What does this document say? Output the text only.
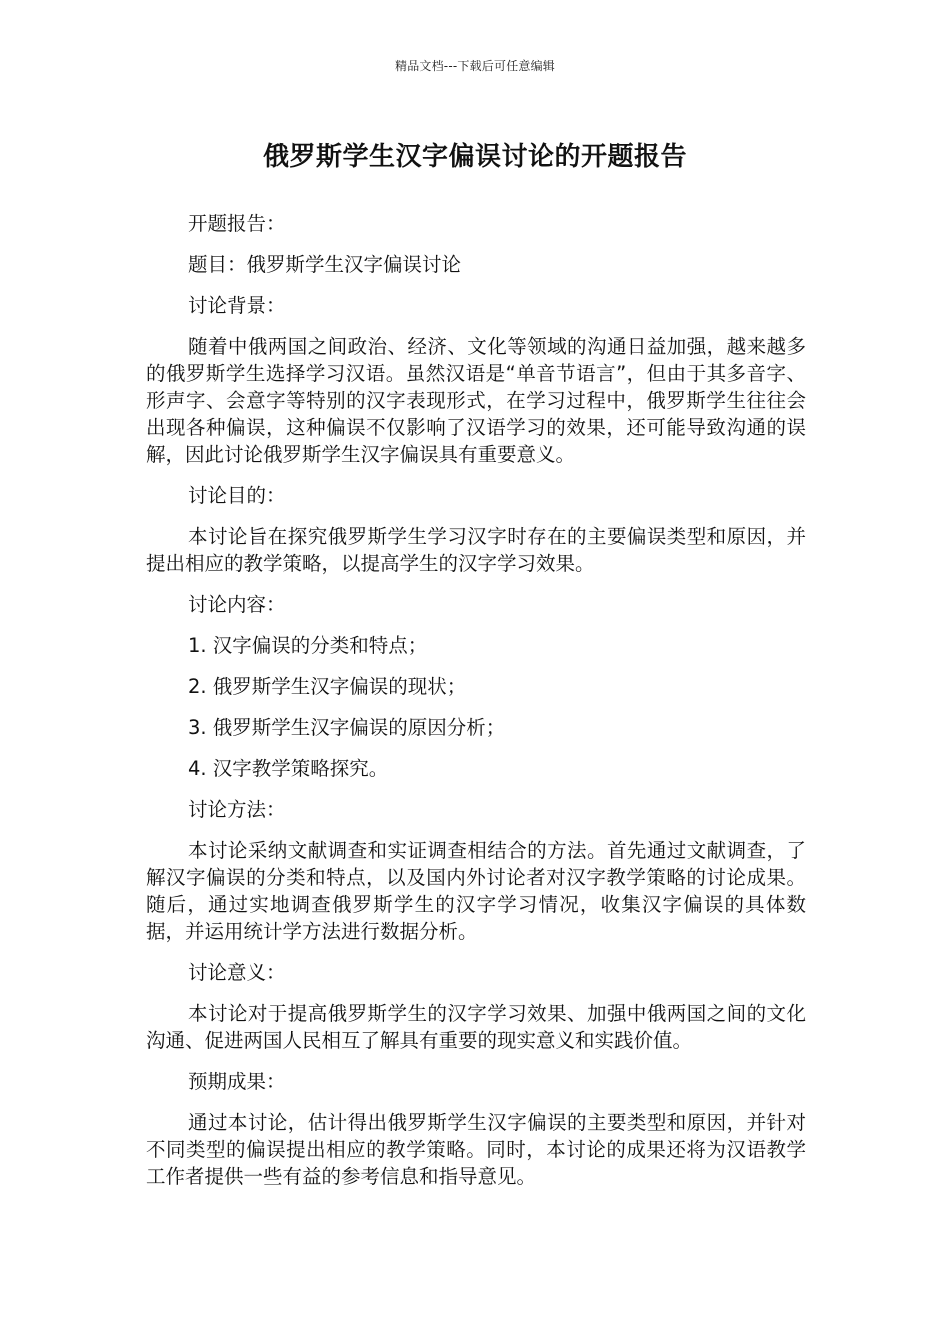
精品文档---下载后可任意编辑
俄罗斯学生汉字偏误讨论的开题报告

开题报告：

题目：俄罗斯学生汉字偏误讨论

讨论背景：

随着中俄两国之间政治、经济、文化等领域的沟通日益加强，越来越多的俄罗斯学生选择学习汉语。虽然汉语是“单音节语言”，但由于其多音字、形声字、会意字等特别的汉字表现形式，在学习过程中，俄罗斯学生往往会出现各种偏误，这种偏误不仅影响了汉语学习的效果，还可能导致沟通的误解，因此讨论俄罗斯学生汉字偏误具有重要意义。

讨论目的：

本讨论旨在探究俄罗斯学生学习汉字时存在的主要偏误类型和原因，并提出相应的教学策略，以提高学生的汉字学习效果。

讨论内容：

1. 汉字偏误的分类和特点；

2. 俄罗斯学生汉字偏误的现状；

3. 俄罗斯学生汉字偏误的原因分析；

4. 汉字教学策略探究。

讨论方法：

本讨论采纳文献调查和实证调查相结合的方法。首先通过文献调查，了解汉字偏误的分类和特点，以及国内外讨论者对汉字教学策略的讨论成果。随后，通过实地调查俄罗斯学生的汉字学习情况，收集汉字偏误的具体数据，并运用统计学方法进行数据分析。

讨论意义：

本讨论对于提高俄罗斯学生的汉字学习效果、加强中俄两国之间的文化沟通、促进两国人民相互了解具有重要的现实意义和实践价值。

预期成果：

通过本讨论，估计得出俄罗斯学生汉字偏误的主要类型和原因，并针对不同类型的偏误提出相应的教学策略。同时，本讨论的成果还将为汉语教学工作者提供一些有益的参考信息和指导意见。
